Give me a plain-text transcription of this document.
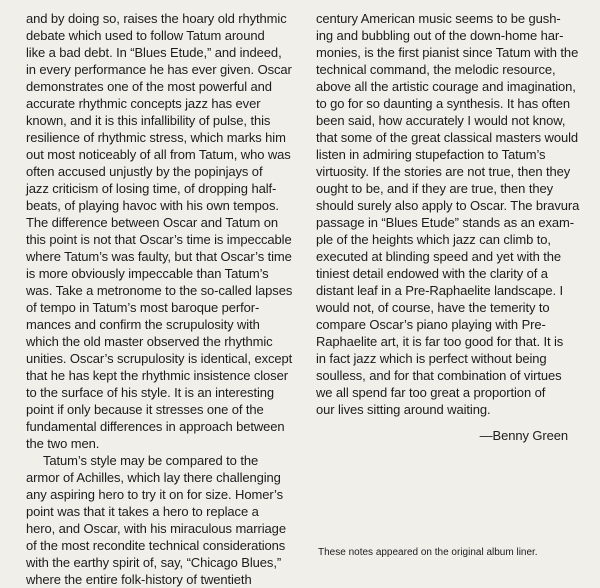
and by doing so, raises the hoary old rhythmic
debate which used to follow Tatum around
like a bad debt. In “Blues Etude,” and indeed,
in every performance he has ever given. Oscar
demonstrates one of the most powerful and
accurate rhythmic concepts jazz has ever
known, and it is this infallibility of pulse, this
resilience of rhythmic stress, which marks him
out most noticeably of all from Tatum, who was
often accused unjustly by the popinjays of
jazz criticism of losing time, of dropping half-
beats, of playing havoc with his own tempos.
The difference between Oscar and Tatum on
this point is not that Oscar’s time is impeccable
where Tatum’s was faulty, but that Oscar’s time
is more obviously impeccable than Tatum’s
was. Take a metronome to the so-called lapses
of tempo in Tatum’s most baroque perfor-
mances and confirm the scrupulosity with
which the old master observed the rhythmic
unities. Oscar’s scrupulosity is identical, except
that he has kept the rhythmic insistence closer
to the surface of his style. It is an interesting
point if only because it stresses one of the
fundamental differences in approach between
the two men.
Tatum’s style may be compared to the
armor of Achilles, which lay there challenging
any aspiring hero to try it on for size. Homer’s
point was that it takes a hero to replace a
hero, and Oscar, with his miraculous marriage
of the most recondite technical considerations
with the earthy spirit of, say, “Chicago Blues,”
where the entire folk-history of twentieth
century American music seems to be gush-
ing and bubbling out of the down-home har-
monies, is the first pianist since Tatum with the
technical command, the melodic resource,
above all the artistic courage and imagination,
to go for so daunting a synthesis. It has often
been said, how accurately I would not know,
that some of the great classical masters would
listen in admiring stupefaction to Tatum’s
virtuosity. If the stories are not true, then they
ought to be, and if they are true, then they
should surely also apply to Oscar. The bravura
passage in “Blues Etude” stands as an exam-
ple of the heights which jazz can climb to,
executed at blinding speed and yet with the
tiniest detail endowed with the clarity of a
distant leaf in a Pre-Raphaelite landscape. I
would not, of course, have the temerity to
compare Oscar’s piano playing with Pre-
Raphaelite art, it is far too good for that. It is
in fact jazz which is perfect without being
soulless, and for that combination of virtues
we all spend far too great a proportion of
our lives sitting around waiting.
—Benny Green
These notes appeared on the original album liner.
